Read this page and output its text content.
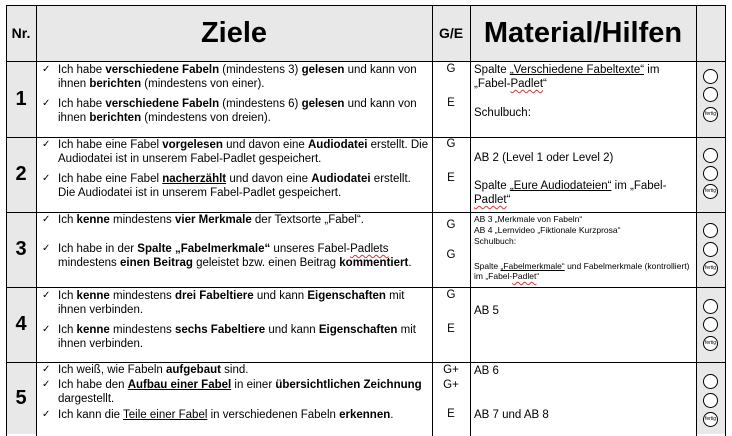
Nr.	Ziele	G/E Material/Hilfen
1
2
3
4
5
✓ Ich habe verschiedene Fabeln (mindestens 3) gelesen und kann von ihnen berichten (mindestens von einer).
✓ Ich habe verschiedene Fabeln (mindestens 6) gelesen und kann von ihnen berichten (mindestens von dreien).
✓ Ich habe eine Fabel vorgelesen und davon eine Audiodatei erstellt. Die Audiodatei ist in unserem Fabel-Padlet gespeichert.
✓ Ich habe eine Fabel nacherzählt und davon eine Audiodatei erstellt. Die Audiodatei ist in unserem Fabel-Padlet gespeichert.
✓ Ich kenne mindestens vier Merkmale der Textsorte „Fabel“.
✓ Ich habe in der Spalte „Fabelmerkmale“ unseres Fabel-Padlets mindestens einen Beitrag geleistet bzw. einen Beitrag kommentiert.
✓ Ich kenne mindestens drei Fabeltiere und kann Eigenschaften mit ihnen verbinden.
✓ Ich kenne mindestens sechs Fabeltiere und kann Eigenschaften mit ihnen verbinden.
✓ Ich weiß, wie Fabeln aufgebaut sind.
✓ Ich habe den Aufbau einer Fabel in einer übersichtlichen Zeichnung dargestellt.
✓ Ich kann die Teile einer Fabel in verschiedenen Fabeln erkennen.
G
E
G
E
G
G
G
E
G+
G+
E
Spalte „Verschiedene Fabeltexte“ im „Fabel-Padlet“
Schulbuch:
AB 2 (Level 1 oder Level 2)
Spalte „Eure Audiodateien“ im „Fabel-Padlet“
AB 3 „Merkmale von Fabeln“
AB 4 „Lernvideo „Fiktionale Kurzprosa“
Schulbuch:
Spalte „Fabelmerkmale“ und Fabelmerkmale (kontrolliert) im „Fabel-Padlet“
AB 5
AB 6
AB 7 und AB 8
fertig
fertig
fertig
fertig
fertig
